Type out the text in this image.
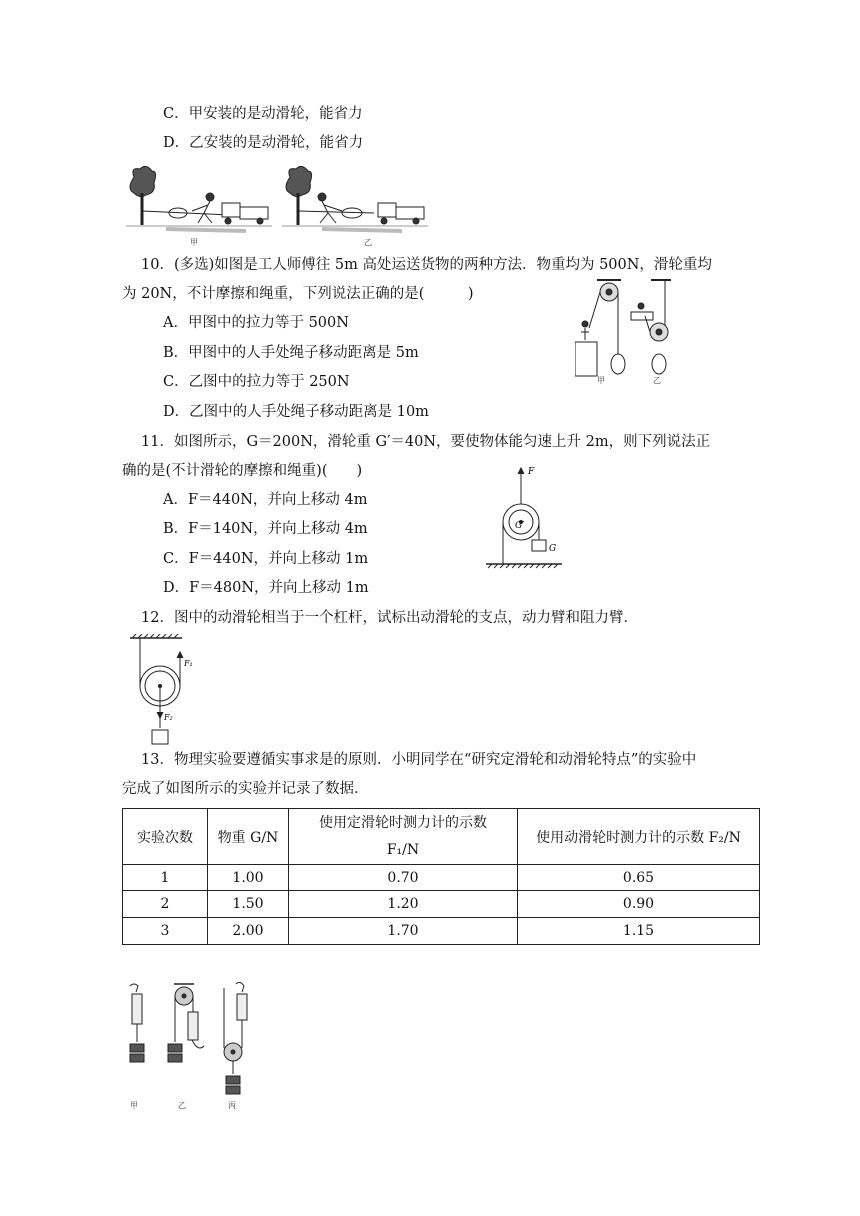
C．甲安装的是动滑轮，能省力
D．乙安装的是动滑轮，能省力
甲	乙
10．(多选)如图是工人师傅往 5m 高处运送货物的两种方法．物重均为 500N，滑轮重均
为 20N，不计摩擦和绳重，下列说法正确的是(　　　)
A．甲图中的拉力等于 500N
B．甲图中的人手处绳子移动距离是 5m
C．乙图中的拉力等于 250N
D．乙图中的人手处绳子移动距离是 10m
甲	乙
11．如图所示，G＝200N，滑轮重 G′＝40N，要使物体能匀速上升 2m，则下列说法正
确的是(不计滑轮的摩擦和绳重)(　　)
A．F＝440N，并向上移动 4m
B．F＝140N，并向上移动 4m
C．F＝440N，并向上移动 1m
D．F＝480N，并向上移动 1m
F
G′
G
12．图中的动滑轮相当于一个杠杆，试标出动滑轮的支点，动力臂和阻力臂．
F₁
F₂
13．物理实验要遵循实事求是的原则．小明同学在“研究定滑轮和动滑轮特点”的实验中
完成了如图所示的实验并记录了数据．
实验次数	物重 G/N	使用定滑轮时测力计的示数
F₁/N	使用动滑轮时测力计的示数 F₂/N
1	1.00	0.70	0.65
2	1.50	1.20	0.90
3	2.00	1.70	1.15
甲	乙	丙
